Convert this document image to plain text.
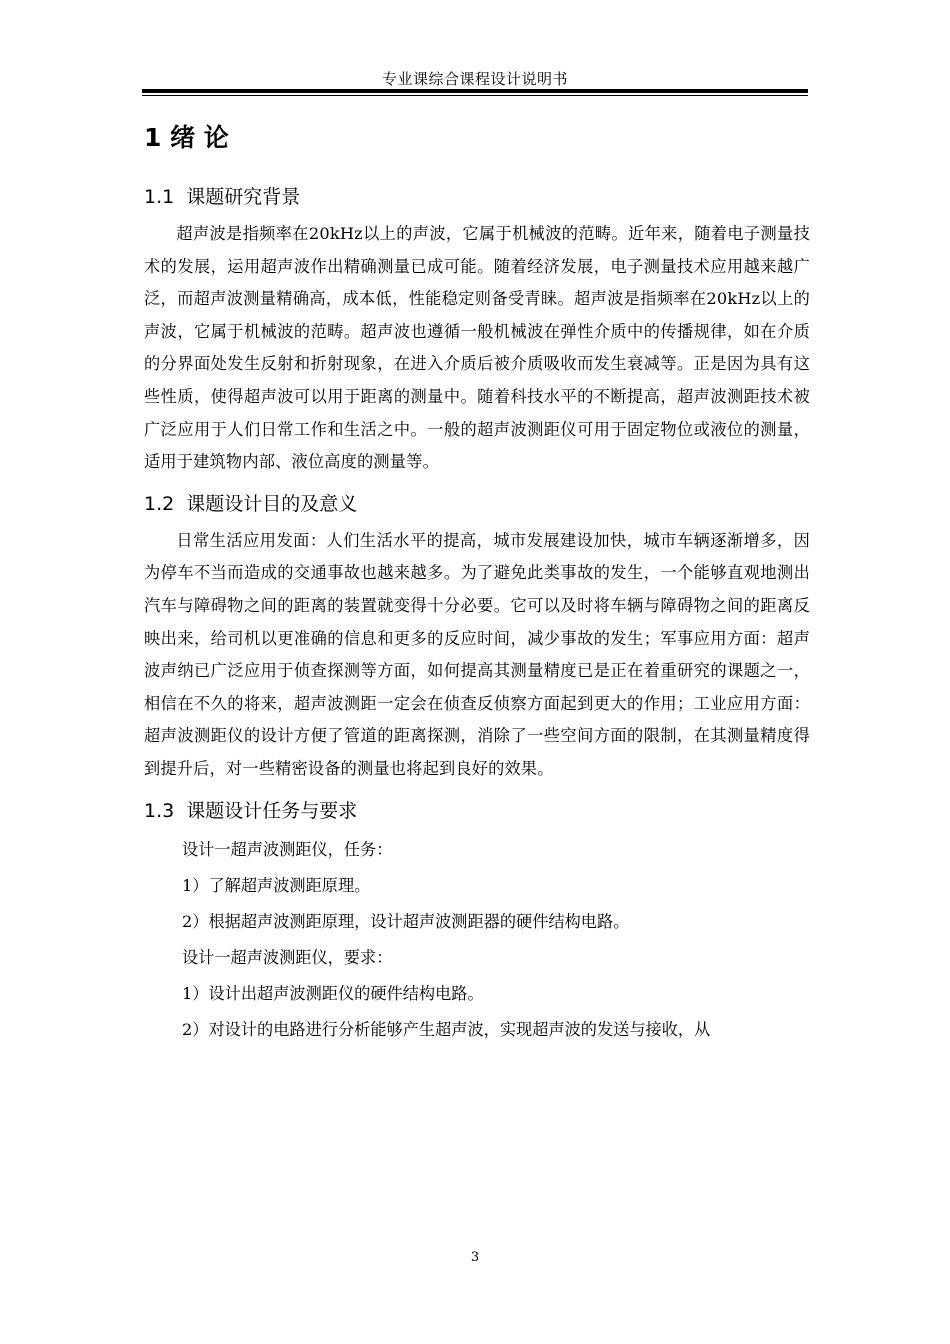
专业课综合课程设计说明书
1 绪 论
1.1  课题研究背景

超声波是指频率在20kHz以上的声波，它属于机械波的范畴。近年来，随着电子测量技术的发展，运用超声波作出精确测量已成可能。随着经济发展，电子测量技术应用越来越广泛，而超声波测量精确高，成本低，性能稳定则备受青睐。超声波是指频率在20kHz以上的声波，它属于机械波的范畴。超声波也遵循一般机械波在弹性介质中的传播规律，如在介质的分界面处发生反射和折射现象，在进入介质后被介质吸收而发生衰减等。正是因为具有这些性质，使得超声波可以用于距离的测量中。随着科技水平的不断提高，超声波测距技术被广泛应用于人们日常工作和生活之中。一般的超声波测距仪可用于固定物位或液位的测量，适用于建筑物内部、液位高度的测量等。

1.2  课题设计目的及意义

日常生活应用发面：人们生活水平的提高，城市发展建设加快，城市车辆逐渐增多，因为停车不当而造成的交通事故也越来越多。为了避免此类事故的发生，一个能够直观地测出汽车与障碍物之间的距离的装置就变得十分必要。它可以及时将车辆与障碍物之间的距离反映出来，给司机以更准确的信息和更多的反应时间，减少事故的发生；军事应用方面：超声波声纳已广泛应用于侦查探测等方面，如何提高其测量精度已是正在着重研究的课题之一，相信在不久的将来，超声波测距一定会在侦查反侦察方面起到更大的作用；工业应用方面：超声波测距仪的设计方便了管道的距离探测，消除了一些空间方面的限制，在其测量精度得到提升后，对一些精密设备的测量也将起到良好的效果。

1.3  课题设计任务与要求

设计一超声波测距仪，任务：

1）了解超声波测距原理。

2）根据超声波测距原理，设计超声波测距器的硬件结构电路。

设计一超声波测距仪，要求：

1）设计出超声波测距仪的硬件结构电路。

2）对设计的电路进行分析能够产生超声波，实现超声波的发送与接收，从

3
